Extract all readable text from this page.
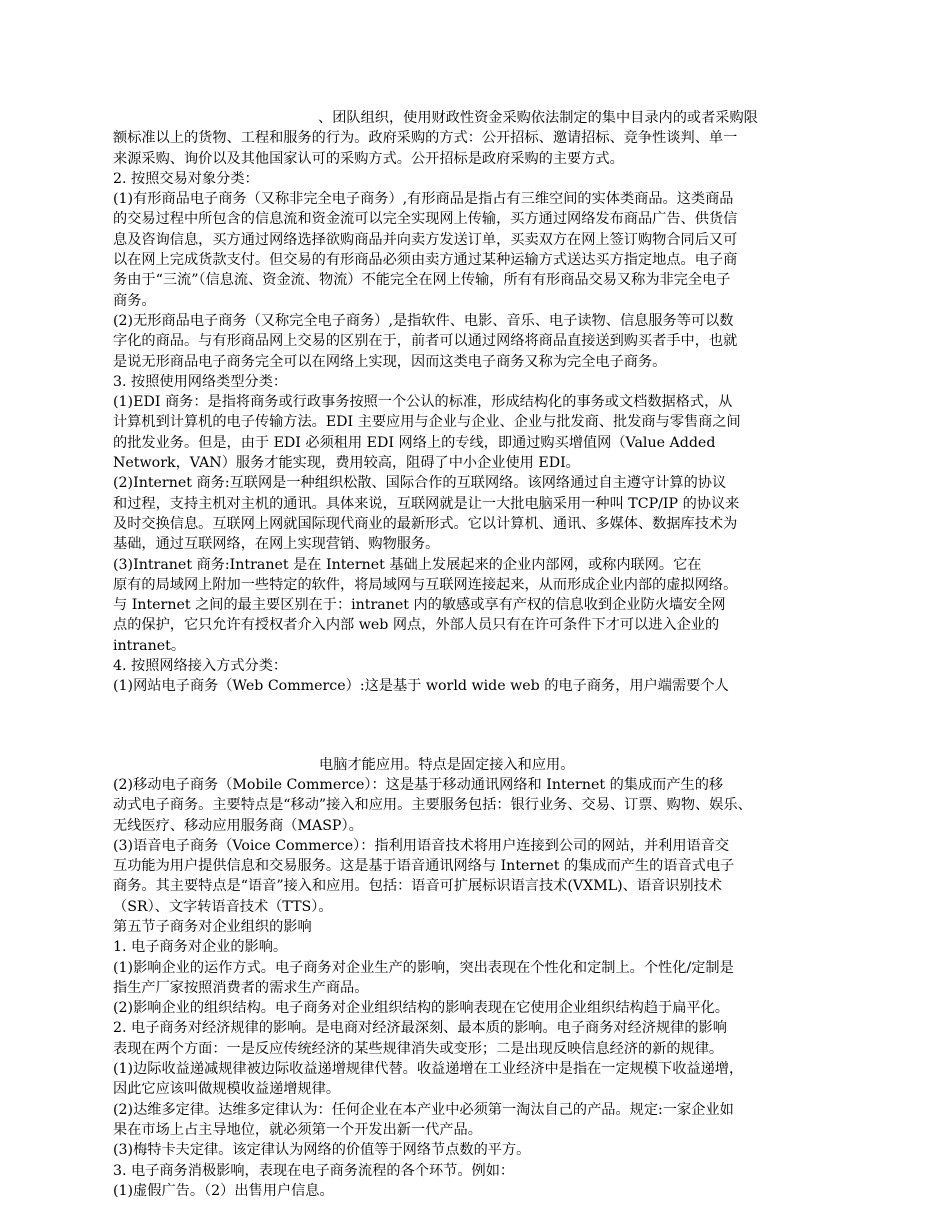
、团队组织，使用财政性资金采购依法制定的集中目录内的或者采购限
额标准以上的货物、工程和服务的行为。政府采购的方式：公开招标、邀请招标、竞争性谈判、单一
来源采购、询价以及其他国家认可的采购方式。公开招标是政府采购的主要方式。
2. 按照交易对象分类：
(1)有形商品电子商务（又称非完全电子商务）,有形商品是指占有三维空间的实体类商品。这类商品
的交易过程中所包含的信息流和资金流可以完全实现网上传输，买方通过网络发布商品广告、供货信
息及咨询信息，买方通过网络选择欲购商品并向卖方发送订单，买卖双方在网上签订购物合同后又可
以在网上完成货款支付。但交易的有形商品必须由卖方通过某种运输方式送达买方指定地点。电子商
务由于“三流”（信息流、资金流、物流）不能完全在网上传输，所有有形商品交易又称为非完全电子
商务。
(2)无形商品电子商务（又称完全电子商务）,是指软件、电影、音乐、电子读物、信息服务等可以数
字化的商品。与有形商品网上交易的区别在于，前者可以通过网络将商品直接送到购买者手中，也就
是说无形商品电子商务完全可以在网络上实现，因而这类电子商务又称为完全电子商务。
3. 按照使用网络类型分类：
(1)EDI 商务：是指将商务或行政事务按照一个公认的标准，形成结构化的事务或文档数据格式，从
计算机到计算机的电子传输方法。EDI 主要应用与企业与企业、企业与批发商、批发商与零售商之间
的批发业务。但是，由于 EDI 必须租用 EDI 网络上的专线，即通过购买增值网（Value Added
Network，VAN）服务才能实现，费用较高，阻碍了中小企业使用 EDI。
(2)Internet 商务:互联网是一种组织松散、国际合作的互联网络。该网络通过自主遵守计算的协议
和过程，支持主机对主机的通讯。具体来说，互联网就是让一大批电脑采用一种叫 TCP/IP 的协议来
及时交换信息。互联网上网就国际现代商业的最新形式。它以计算机、通讯、多媒体、数据库技术为
基础，通过互联网络，在网上实现营销、购物服务。
(3)Intranet 商务:Intranet 是在 Internet 基础上发展起来的企业内部网，或称内联网。它在
原有的局域网上附加一些特定的软件，将局域网与互联网连接起来，从而形成企业内部的虚拟网络。
与 Internet 之间的最主要区别在于：intranet 内的敏感或享有产权的信息收到企业防火墙安全网
点的保护，它只允许有授权者介入内部 web 网点，外部人员只有在许可条件下才可以进入企业的
intranet。
4. 按照网络接入方式分类：
(1)网站电子商务（Web Commerce）:这是基于 world wide web 的电子商务，用户端需要个人
电脑才能应用。特点是固定接入和应用。
(2)移动电子商务（Mobile Commerce）：这是基于移动通讯网络和 Internet 的集成而产生的移
动式电子商务。主要特点是“移动”接入和应用。主要服务包括：银行业务、交易、订票、购物、娱乐、
无线医疗、移动应用服务商（MASP）。
(3)语音电子商务（Voice Commerce）：指利用语音技术将用户连接到公司的网站，并利用语音交
互功能为用户提供信息和交易服务。这是基于语音通讯网络与 Internet 的集成而产生的语音式电子
商务。其主要特点是“语音”接入和应用。包括：语音可扩展标识语言技术(VXML)、语音识别技术
（SR）、文字转语音技术（TTS）。
第五节子商务对企业组织的影响
1. 电子商务对企业的影响。
(1)影响企业的运作方式。电子商务对企业生产的影响，突出表现在个性化和定制上。个性化/定制是
指生产厂家按照消费者的需求生产商品。
(2)影响企业的组织结构。电子商务对企业组织结构的影响表现在它使用企业组织结构趋于扁平化。
2. 电子商务对经济规律的影响。是电商对经济最深刻、最本质的影响。电子商务对经济规律的影响
表现在两个方面：一是反应传统经济的某些规律消失或变形；二是出现反映信息经济的新的规律。
(1)边际收益递减规律被边际收益递增规律代替。收益递增在工业经济中是指在一定规模下收益递增，
因此它应该叫做规模收益递增规律。
(2)达维多定律。达维多定律认为：任何企业在本产业中必须第一淘汰自己的产品。规定:一家企业如
果在市场上占主导地位，就必须第一个开发出新一代产品。
(3)梅特卡夫定律。该定律认为网络的价值等于网络节点数的平方。
3. 电子商务消极影响，表现在电子商务流程的各个环节。例如：
(1)虚假广告。（2）出售用户信息。
